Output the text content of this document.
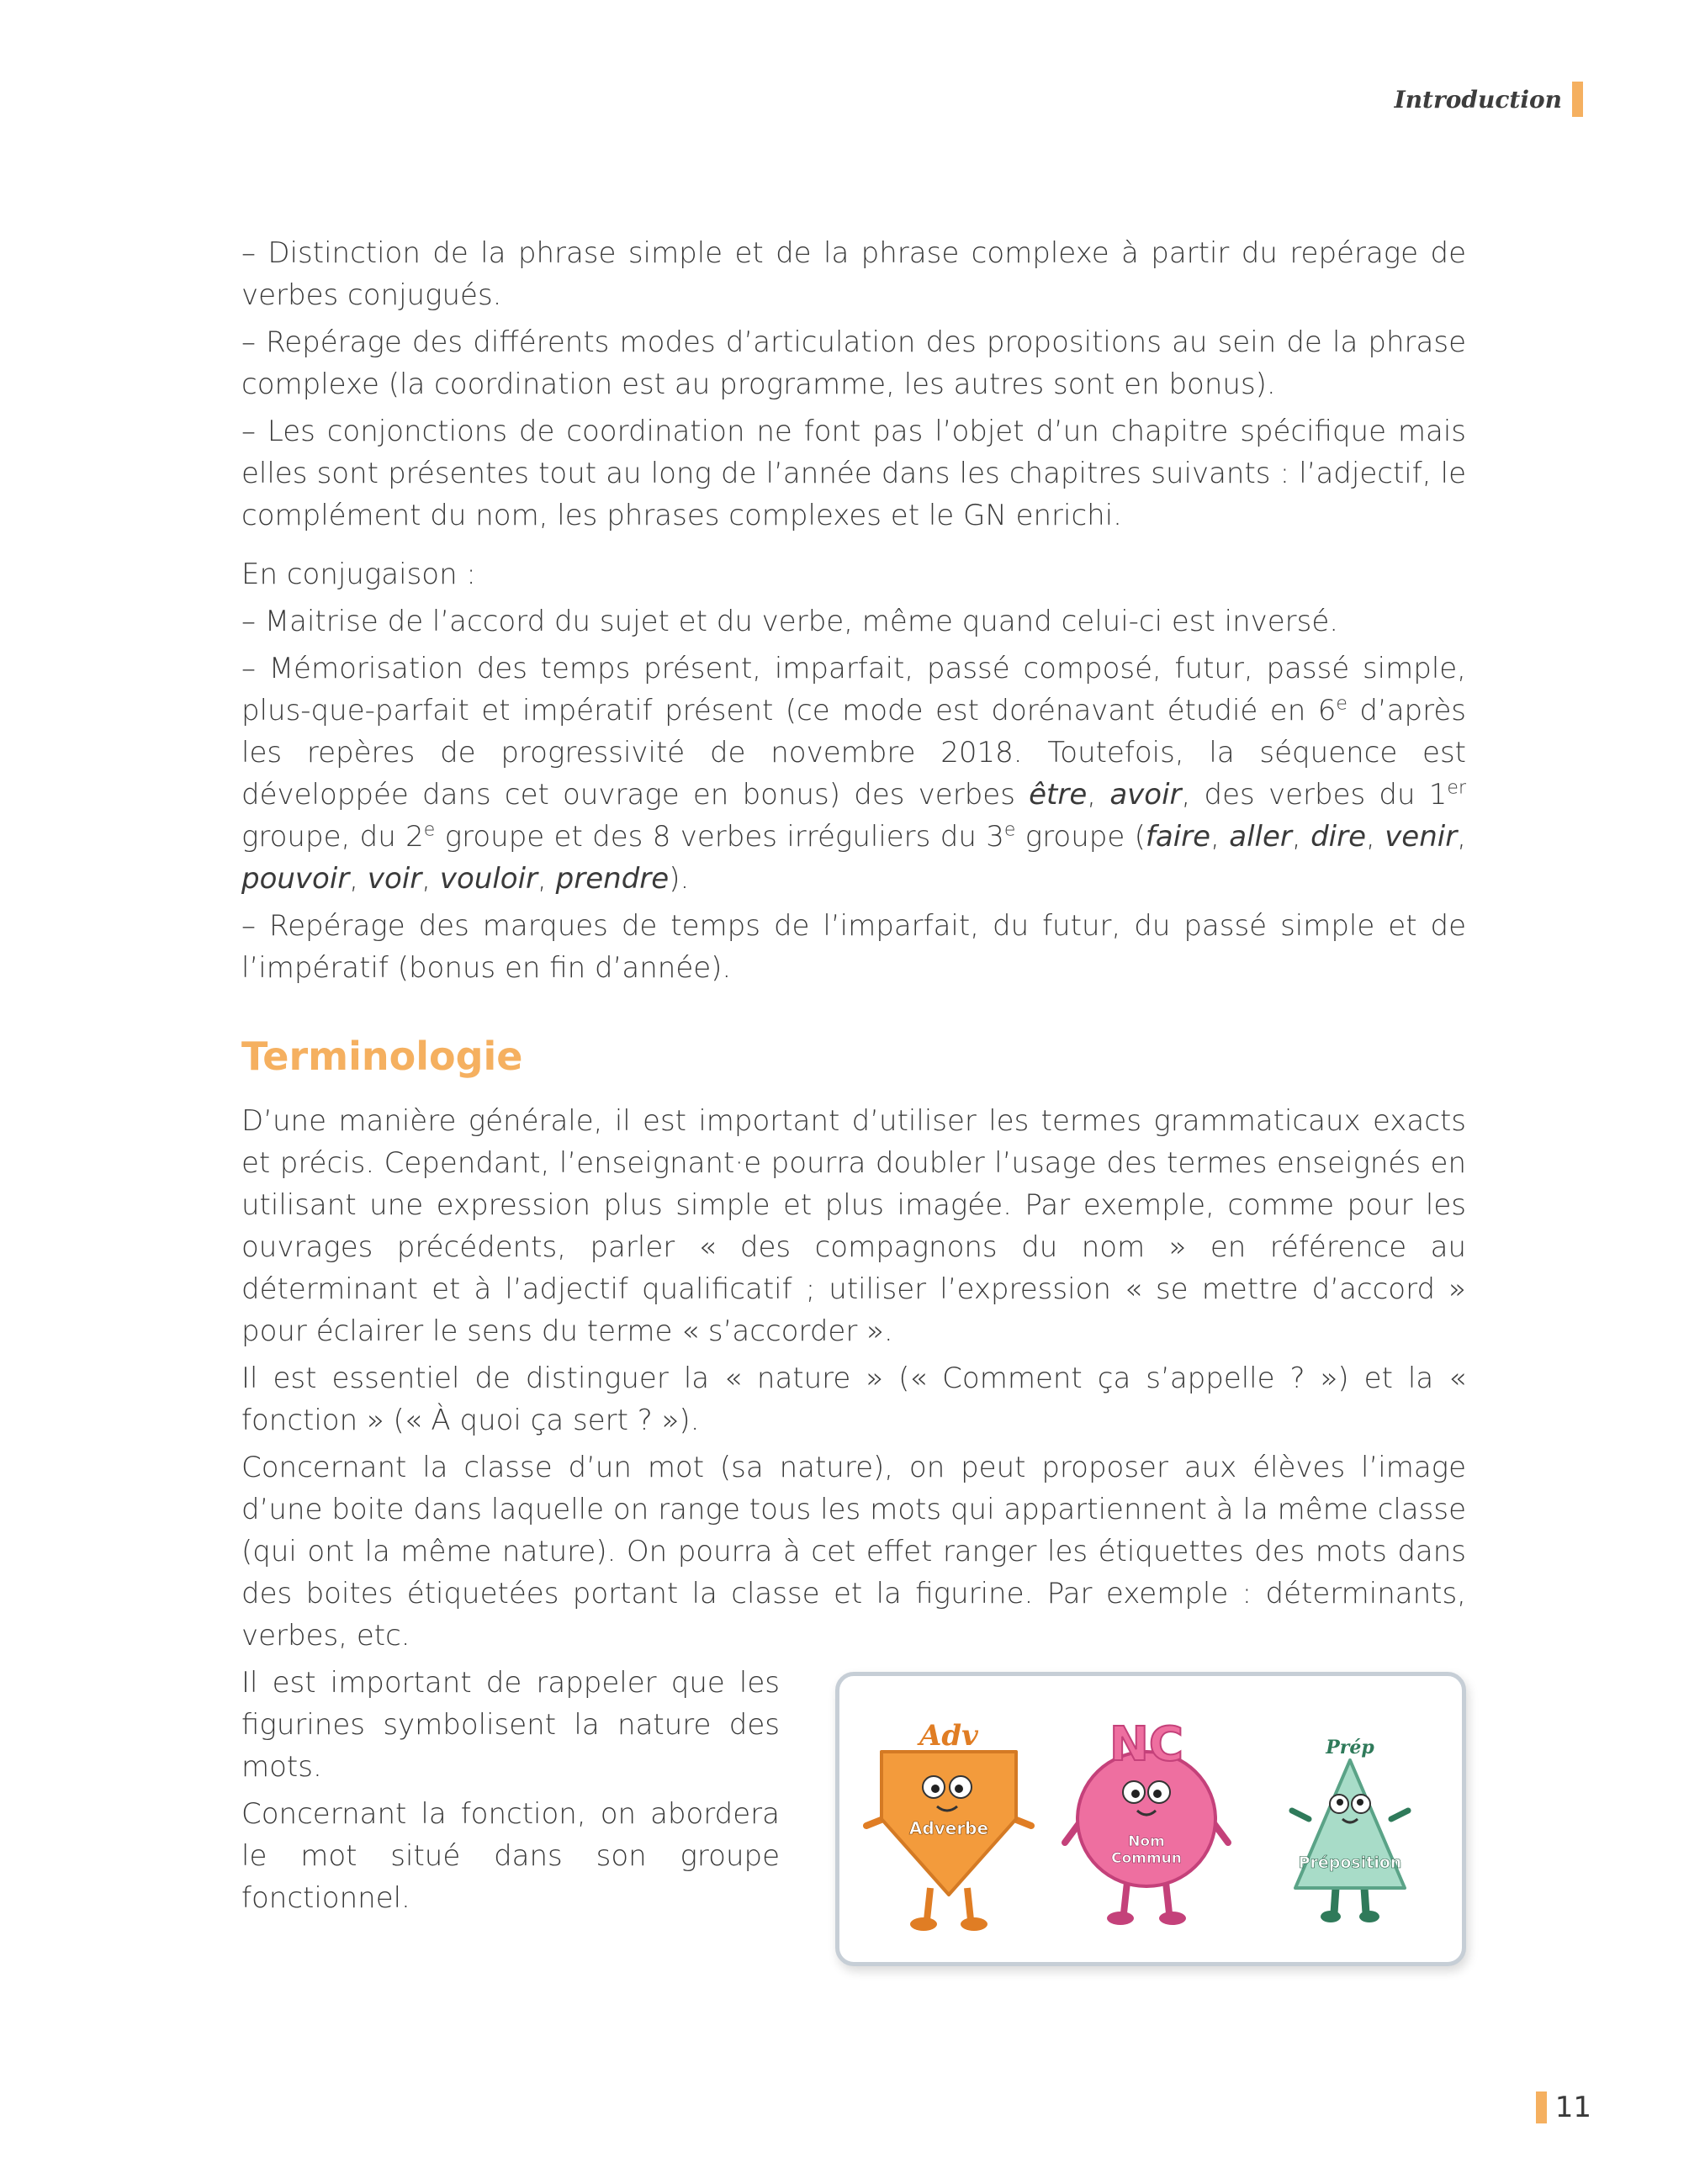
Introduction

– Distinction de la phrase simple et de la phrase complexe à partir du repérage de verbes conjugués.

– Repérage des différents modes d’articulation des propositions au sein de la phrase complexe (la coordination est au programme, les autres sont en bonus).

– Les conjonctions de coordination ne font pas l’objet d’un chapitre spécifique mais elles sont présentes tout au long de l’année dans les chapitres suivants : l’adjectif, le complément du nom, les phrases complexes et le GN enrichi.

En conjugaison :

– Maitrise de l’accord du sujet et du verbe, même quand celui-ci est inversé.

– Mémorisation des temps présent, imparfait, passé composé, futur, passé simple, plus-que-parfait et impératif présent (ce mode est dorénavant étudié en 6e d’après les repères de progressivité de novembre 2018. Toutefois, la séquence est développée dans cet ouvrage en bonus) des verbes être, avoir, des verbes du 1er groupe, du 2e groupe et des 8 verbes irréguliers du 3e groupe (faire, aller, dire, venir, pouvoir, voir, vouloir, prendre).

– Repérage des marques de temps de l’imparfait, du futur, du passé simple et de l’impératif (bonus en fin d’année).

Terminologie

D’une manière générale, il est important d’utiliser les termes grammaticaux exacts et précis. Cependant, l’enseignant·e pourra doubler l’usage des termes enseignés en utilisant une expression plus simple et plus imagée. Par exemple, comme pour les ouvrages précédents, parler « des compagnons du nom » en référence au déterminant et à l’adjectif qualificatif ; utiliser l’expression « se mettre d’accord » pour éclairer le sens du terme « s’accorder ».

Il est essentiel de distinguer la « nature » (« Comment ça s’appelle ? ») et la « fonction » (« À quoi ça sert ? »).

Concernant la classe d’un mot (sa nature), on peut proposer aux élèves l’image d’une boite dans laquelle on range tous les mots qui appartiennent à la même classe (qui ont la même nature). On pourra à cet effet ranger les étiquettes des mots dans des boites étiquetées portant la classe et la figurine. Par exemple : déterminants, verbes, etc.

Il est important de rappeler que les figurines symbolisent la nature des mots.

Concernant la fonction, on abordera le mot situé dans son groupe fonctionnel.

Adv
Adverbe
NC
Nom
Commun
Prép
Préposition
11
